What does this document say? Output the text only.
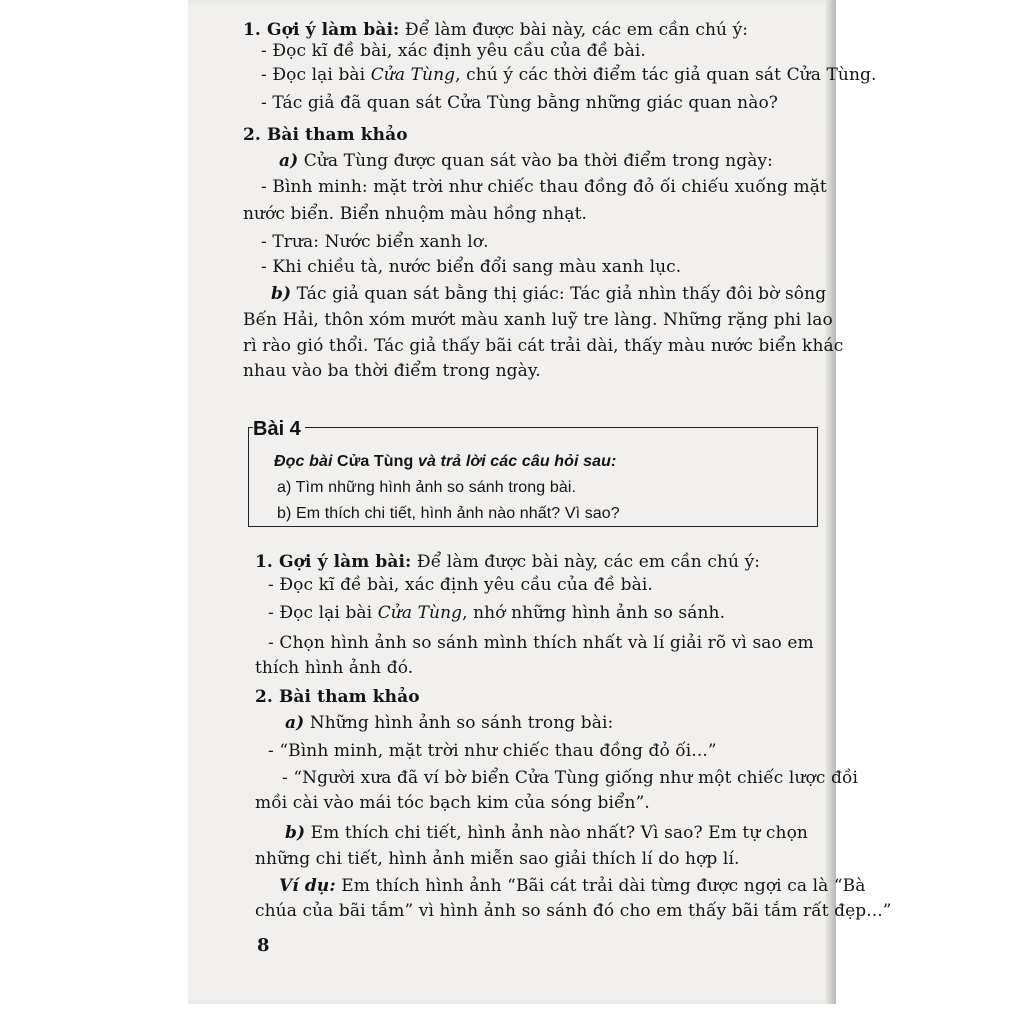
1. Gợi ý làm bài: Để làm được bài này, các em cần chú ý:
- Đọc kĩ đề bài, xác định yêu cầu của đề bài.
- Đọc lại bài Cửa Tùng, chú ý các thời điểm tác giả quan sát Cửa Tùng.
- Tác giả đã quan sát Cửa Tùng bằng những giác quan nào?
2. Bài tham khảo
a) Cửa Tùng được quan sát vào ba thời điểm trong ngày:
- Bình minh: mặt trời như chiếc thau đồng đỏ ối chiếu xuống mặt
nước biển. Biển nhuộm màu hồng nhạt.
- Trưa: Nước biển xanh lơ.
- Khi chiều tà, nước biển đổi sang màu xanh lục.
b) Tác giả quan sát bằng thị giác: Tác giả nhìn thấy đôi bờ sông
Bến Hải, thôn xóm mướt màu xanh luỹ tre làng. Những rặng phi lao
rì rào gió thổi. Tác giả thấy bãi cát trải dài, thấy màu nước biển khác
nhau vào ba thời điểm trong ngày.
Bài 4
Đọc bài Cửa Tùng và trả lời các câu hỏi sau:
a) Tìm những hình ảnh so sánh trong bài.
b) Em thích chi tiết, hình ảnh nào nhất? Vì sao?
1. Gợi ý làm bài: Để làm được bài này, các em cần chú ý:
- Đọc kĩ đề bài, xác định yêu cầu của đề bài.
- Đọc lại bài Cửa Tùng, nhớ những hình ảnh so sánh.
- Chọn hình ảnh so sánh mình thích nhất và lí giải rõ vì sao em
thích hình ảnh đó.
2. Bài tham khảo
a) Những hình ảnh so sánh trong bài:
- “Bình minh, mặt trời như chiếc thau đồng đỏ ối...”
- “Người xưa đã ví bờ biển Cửa Tùng giống như một chiếc lược đồi
mồi cài vào mái tóc bạch kim của sóng biển”.
b) Em thích chi tiết, hình ảnh nào nhất? Vì sao? Em tự chọn
những chi tiết, hình ảnh miễn sao giải thích lí do hợp lí.
Ví dụ: Em thích hình ảnh “Bãi cát trải dài từng được ngợi ca là “Bà
chúa của bãi tắm” vì hình ảnh so sánh đó cho em thấy bãi tắm rất đẹp...”
8
